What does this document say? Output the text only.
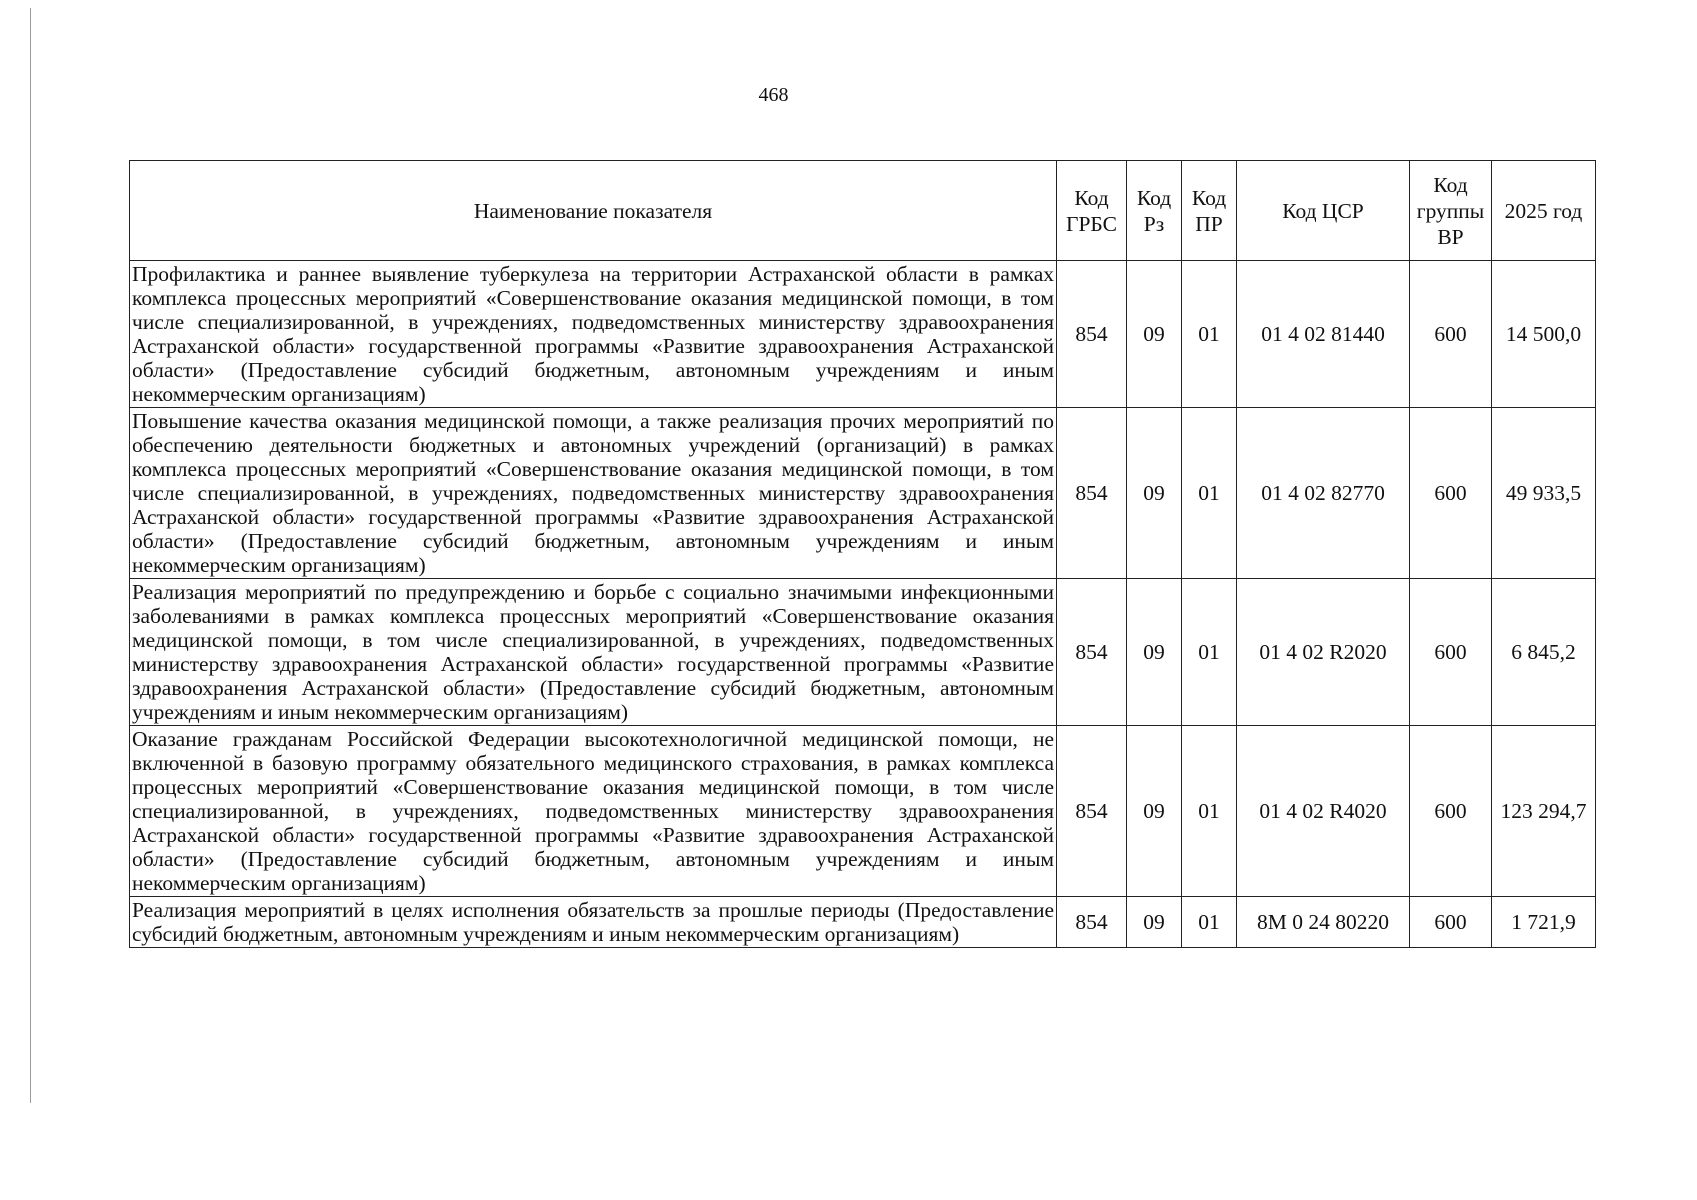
468
Наименование показателя	Код ГРБС	Код Рз	Код ПР	Код ЦСР	Код группы ВР	2025 год
Профилактика и раннее выявление туберкулеза на территории Астраханской области в рамках комплекса процессных мероприятий «Совершенствование оказания медицинской помощи, в том числе специализированной, в учреждениях, подведомственных министерству здравоохранения Астраханской области» государственной программы «Развитие здравоохранения Астраханской области» (Предоставление субсидий бюджетным, автономным учреждениям и иным некоммерческим организациям)	854	09	01	01 4 02 81440	600	14 500,0
Повышение качества оказания медицинской помощи, а также реализация прочих мероприятий по обеспечению деятельности бюджетных и автономных учреждений (организаций) в рамках комплекса процессных мероприятий «Совершенствование оказания медицинской помощи, в том числе специализированной, в учреждениях, подведомственных министерству здравоохранения Астраханской области» государственной программы «Развитие здравоохранения Астраханской области» (Предоставление субсидий бюджетным, автономным учреждениям и иным некоммерческим организациям)	854	09	01	01 4 02 82770	600	49 933,5
Реализация мероприятий по предупреждению и борьбе с социально значимыми инфекционными заболеваниями в рамках комплекса процессных мероприятий «Совершенствование оказания медицинской помощи, в том числе специализированной, в учреждениях, подведомственных министерству здравоохранения Астраханской области» государственной программы «Развитие здравоохранения Астраханской области» (Предоставление субсидий бюджетным, автономным учреждениям и иным некоммерческим организациям)	854	09	01	01 4 02 R2020	600	6 845,2
Оказание гражданам Российской Федерации высокотехнологичной медицинской помощи, не включенной в базовую программу обязательного медицинского страхования, в рамках комплекса процессных мероприятий «Совершенствование оказания медицинской помощи, в том числе специализированной, в учреждениях, подведомственных министерству здравоохранения Астраханской области» государственной программы «Развитие здравоохранения Астраханской области» (Предоставление субсидий бюджетным, автономным учреждениям и иным некоммерческим организациям)	854	09	01	01 4 02 R4020	600	123 294,7
Реализация мероприятий в целях исполнения обязательств за прошлые периоды (Предоставление субсидий бюджетным, автономным учреждениям и иным некоммерческим организациям)	854	09	01	8М 0 24 80220	600	1 721,9
